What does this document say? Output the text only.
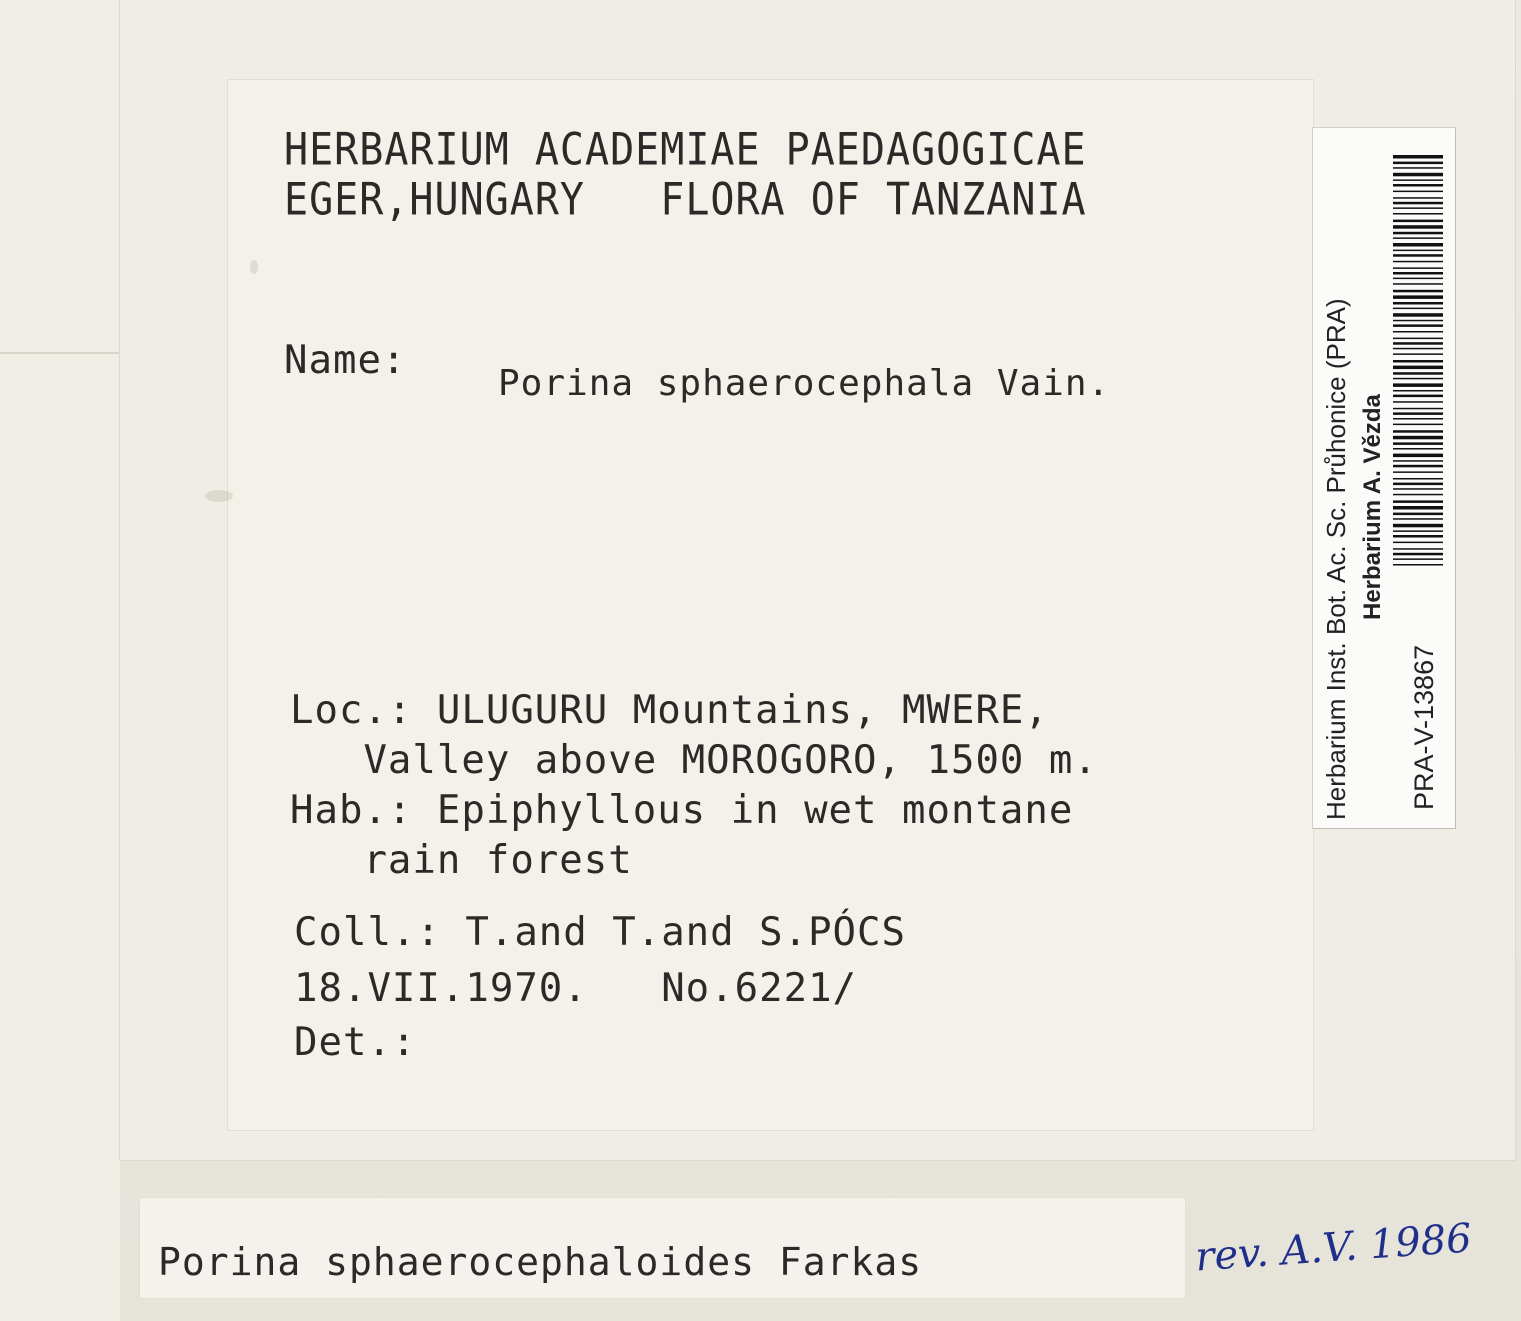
HERBARIUM ACADEMIAE PAEDAGOGICAE
EGER,HUNGARY   FLORA OF TANZANIA
Name:
Porina sphaerocephala Vain.
Loc.: ULUGURU Mountains, MWERE,
Valley above MOROGORO, 1500 m.
Hab.: Epiphyllous in wet montane
rain forest
Coll.: T.and T.and S.PÓCS
18.VII.1970.   No.6221/
Det.:
Porina sphaerocephaloides Farkas	rev. A.V. 1986
Herbarium Inst. Bot. Ac. Sc. Průhonice (PRA) Herbarium A. Vězda
PRA-V-13867
